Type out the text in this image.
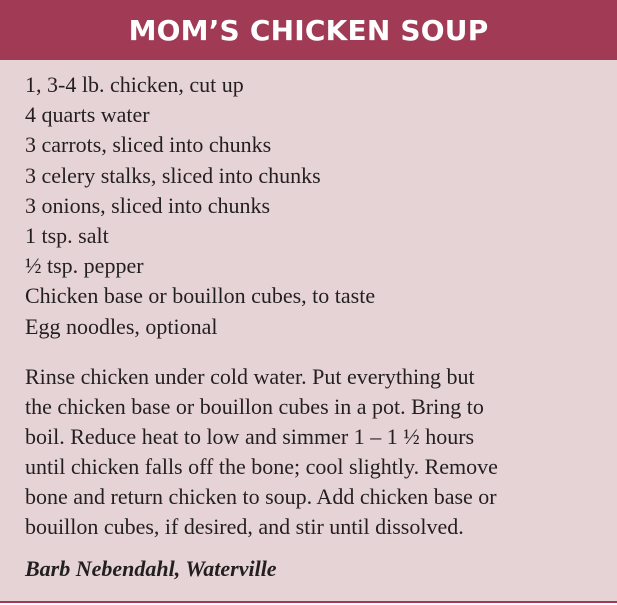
MOM’S CHICKEN SOUP
1, 3-4 lb. chicken, cut up
4 quarts water
3 carrots, sliced into chunks
3 celery stalks, sliced into chunks
3 onions, sliced into chunks
1 tsp. salt
½ tsp. pepper
Chicken base or bouillon cubes, to taste
Egg noodles, optional

Rinse chicken under cold water. Put everything but
the chicken base or bouillon cubes in a pot. Bring to
boil. Reduce heat to low and simmer 1 – 1 ½ hours
until chicken falls off the bone; cool slightly. Remove
bone and return chicken to soup. Add chicken base or
bouillon cubes, if desired, and stir until dissolved.

Barb Nebendahl, Waterville
